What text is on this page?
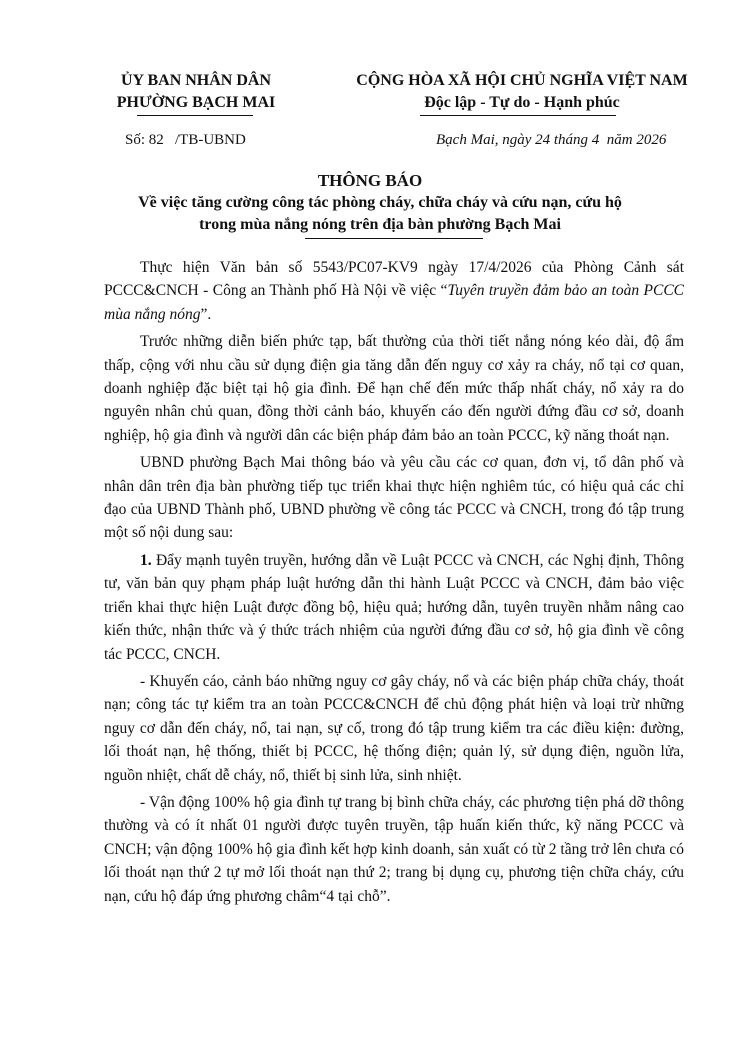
ỦY BAN NHÂN DÂN
PHƯỜNG BẠCH MAI
CỘNG HÒA XÃ HỘI CHỦ NGHĨA VIỆT NAM
Độc lập - Tự do - Hạnh phúc
Số: 82   /TB-UBND	Bạch Mai, ngày 24 tháng 4  năm 2026
THÔNG BÁO
Về việc tăng cường công tác phòng cháy, chữa cháy và cứu nạn, cứu hộ
trong mùa nắng nóng trên địa bàn phường Bạch Mai

Thực hiện Văn bản số 5543/PC07-KV9 ngày 17/4/2026 của Phòng Cảnh sát PCCC&CNCH - Công an Thành phố Hà Nội về việc “Tuyên truyền đảm bảo an toàn PCCC mùa nắng nóng”.

Trước những diễn biến phức tạp, bất thường của thời tiết nắng nóng kéo dài, độ ẩm thấp, cộng với nhu cầu sử dụng điện gia tăng dẫn đến nguy cơ xảy ra cháy, nổ tại cơ quan, doanh nghiệp đặc biệt tại hộ gia đình. Để hạn chế đến mức thấp nhất cháy, nổ xảy ra do nguyên nhân chủ quan, đồng thời cảnh báo, khuyến cáo đến người đứng đầu cơ sở, doanh nghiệp, hộ gia đình và người dân các biện pháp đảm bảo an toàn PCCC, kỹ năng thoát nạn.

UBND phường Bạch Mai thông báo và yêu cầu các cơ quan, đơn vị, tổ dân phố và nhân dân trên địa bàn phường tiếp tục triển khai thực hiện nghiêm túc, có hiệu quả các chỉ đạo của UBND Thành phố, UBND phường về công tác PCCC và CNCH, trong đó tập trung một số nội dung sau:

1. Đẩy mạnh tuyên truyền, hướng dẫn về Luật PCCC và CNCH, các Nghị định, Thông tư, văn bản quy phạm pháp luật hướng dẫn thi hành Luật PCCC và CNCH, đảm bảo việc triển khai thực hiện Luật được đồng bộ, hiệu quả; hướng dẫn, tuyên truyền nhằm nâng cao kiến thức, nhận thức và ý thức trách nhiệm của người đứng đầu cơ sở, hộ gia đình về công tác PCCC, CNCH.

- Khuyến cáo, cảnh báo những nguy cơ gây cháy, nổ và các biện pháp chữa cháy, thoát nạn; công tác tự kiểm tra an toàn PCCC&CNCH để chủ động phát hiện và loại trừ những nguy cơ dẫn đến cháy, nổ, tai nạn, sự cố, trong đó tập trung kiểm tra các điều kiện: đường, lối thoát nạn, hệ thống, thiết bị PCCC, hệ thống điện; quản lý, sử dụng điện, nguồn lửa, nguồn nhiệt, chất dễ cháy, nổ, thiết bị sinh lửa, sinh nhiệt.

- Vận động 100% hộ gia đình tự trang bị bình chữa cháy, các phương tiện phá dỡ thông thường và có ít nhất 01 người được tuyên truyền, tập huấn kiến thức, kỹ năng PCCC và CNCH; vận động 100% hộ gia đình kết hợp kinh doanh, sản xuất có từ 2 tầng trở lên chưa có lối thoát nạn thứ 2 tự mở lối thoát nạn thứ 2; trang bị dụng cụ, phương tiện chữa cháy, cứu nạn, cứu hộ đáp ứng phương châm“4 tại chỗ”.
